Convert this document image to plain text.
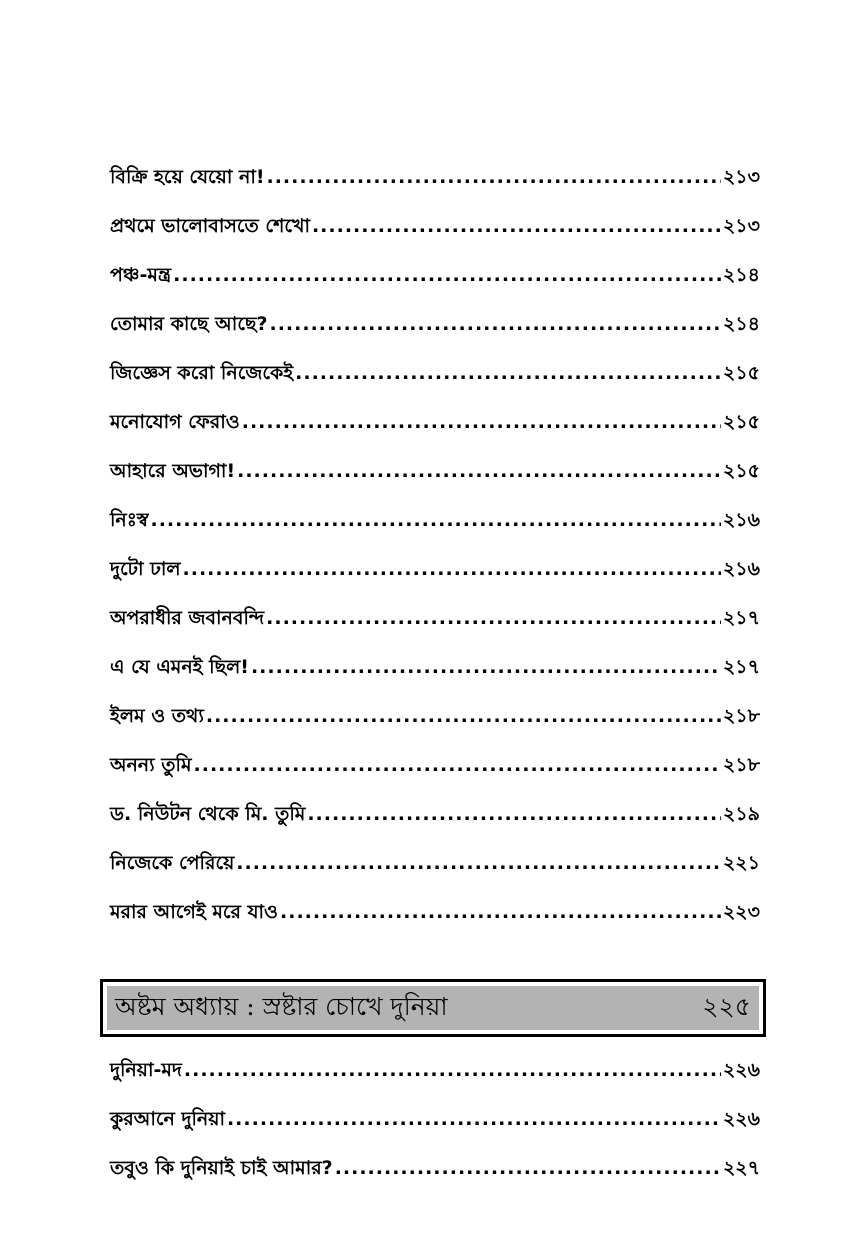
বিক্রি হয়ে যেয়ো না! .....	২১৩
প্রথমে ভালোবাসতে শেখো .....	২১৩
পঞ্চ-মন্ত্র .....	২১৪
তোমার কাছে আছে? .....	২১৪
জিজ্ঞেস করো নিজেকেই .....	২১৫
মনোযোগ ফেরাও .....	২১৫
আহারে অভাগা! .....	২১৫
নিঃস্ব .....	২১৬
দুটো ঢাল .....	২১৬
অপরাধীর জবানবন্দি .....	২১৭
এ যে এমনই ছিল! .....	২১৭
ইলম ও তথ্য .....	২১৮
অনন্য তুমি .....	২১৮
ড. নিউটন থেকে মি. তুমি .....	২১৯
নিজেকে পেরিয়ে .....	২২১
মরার আগেই মরে যাও .....	২২৩
অষ্টম অধ্যায় : স্রষ্টার চোখে দুনিয়া	২২৫
দুনিয়া-মদ .....	২২৬
কুরআনে দুনিয়া .....	২২৬
তবুও কি দুনিয়াই চাই আমার? .....	২২৭
